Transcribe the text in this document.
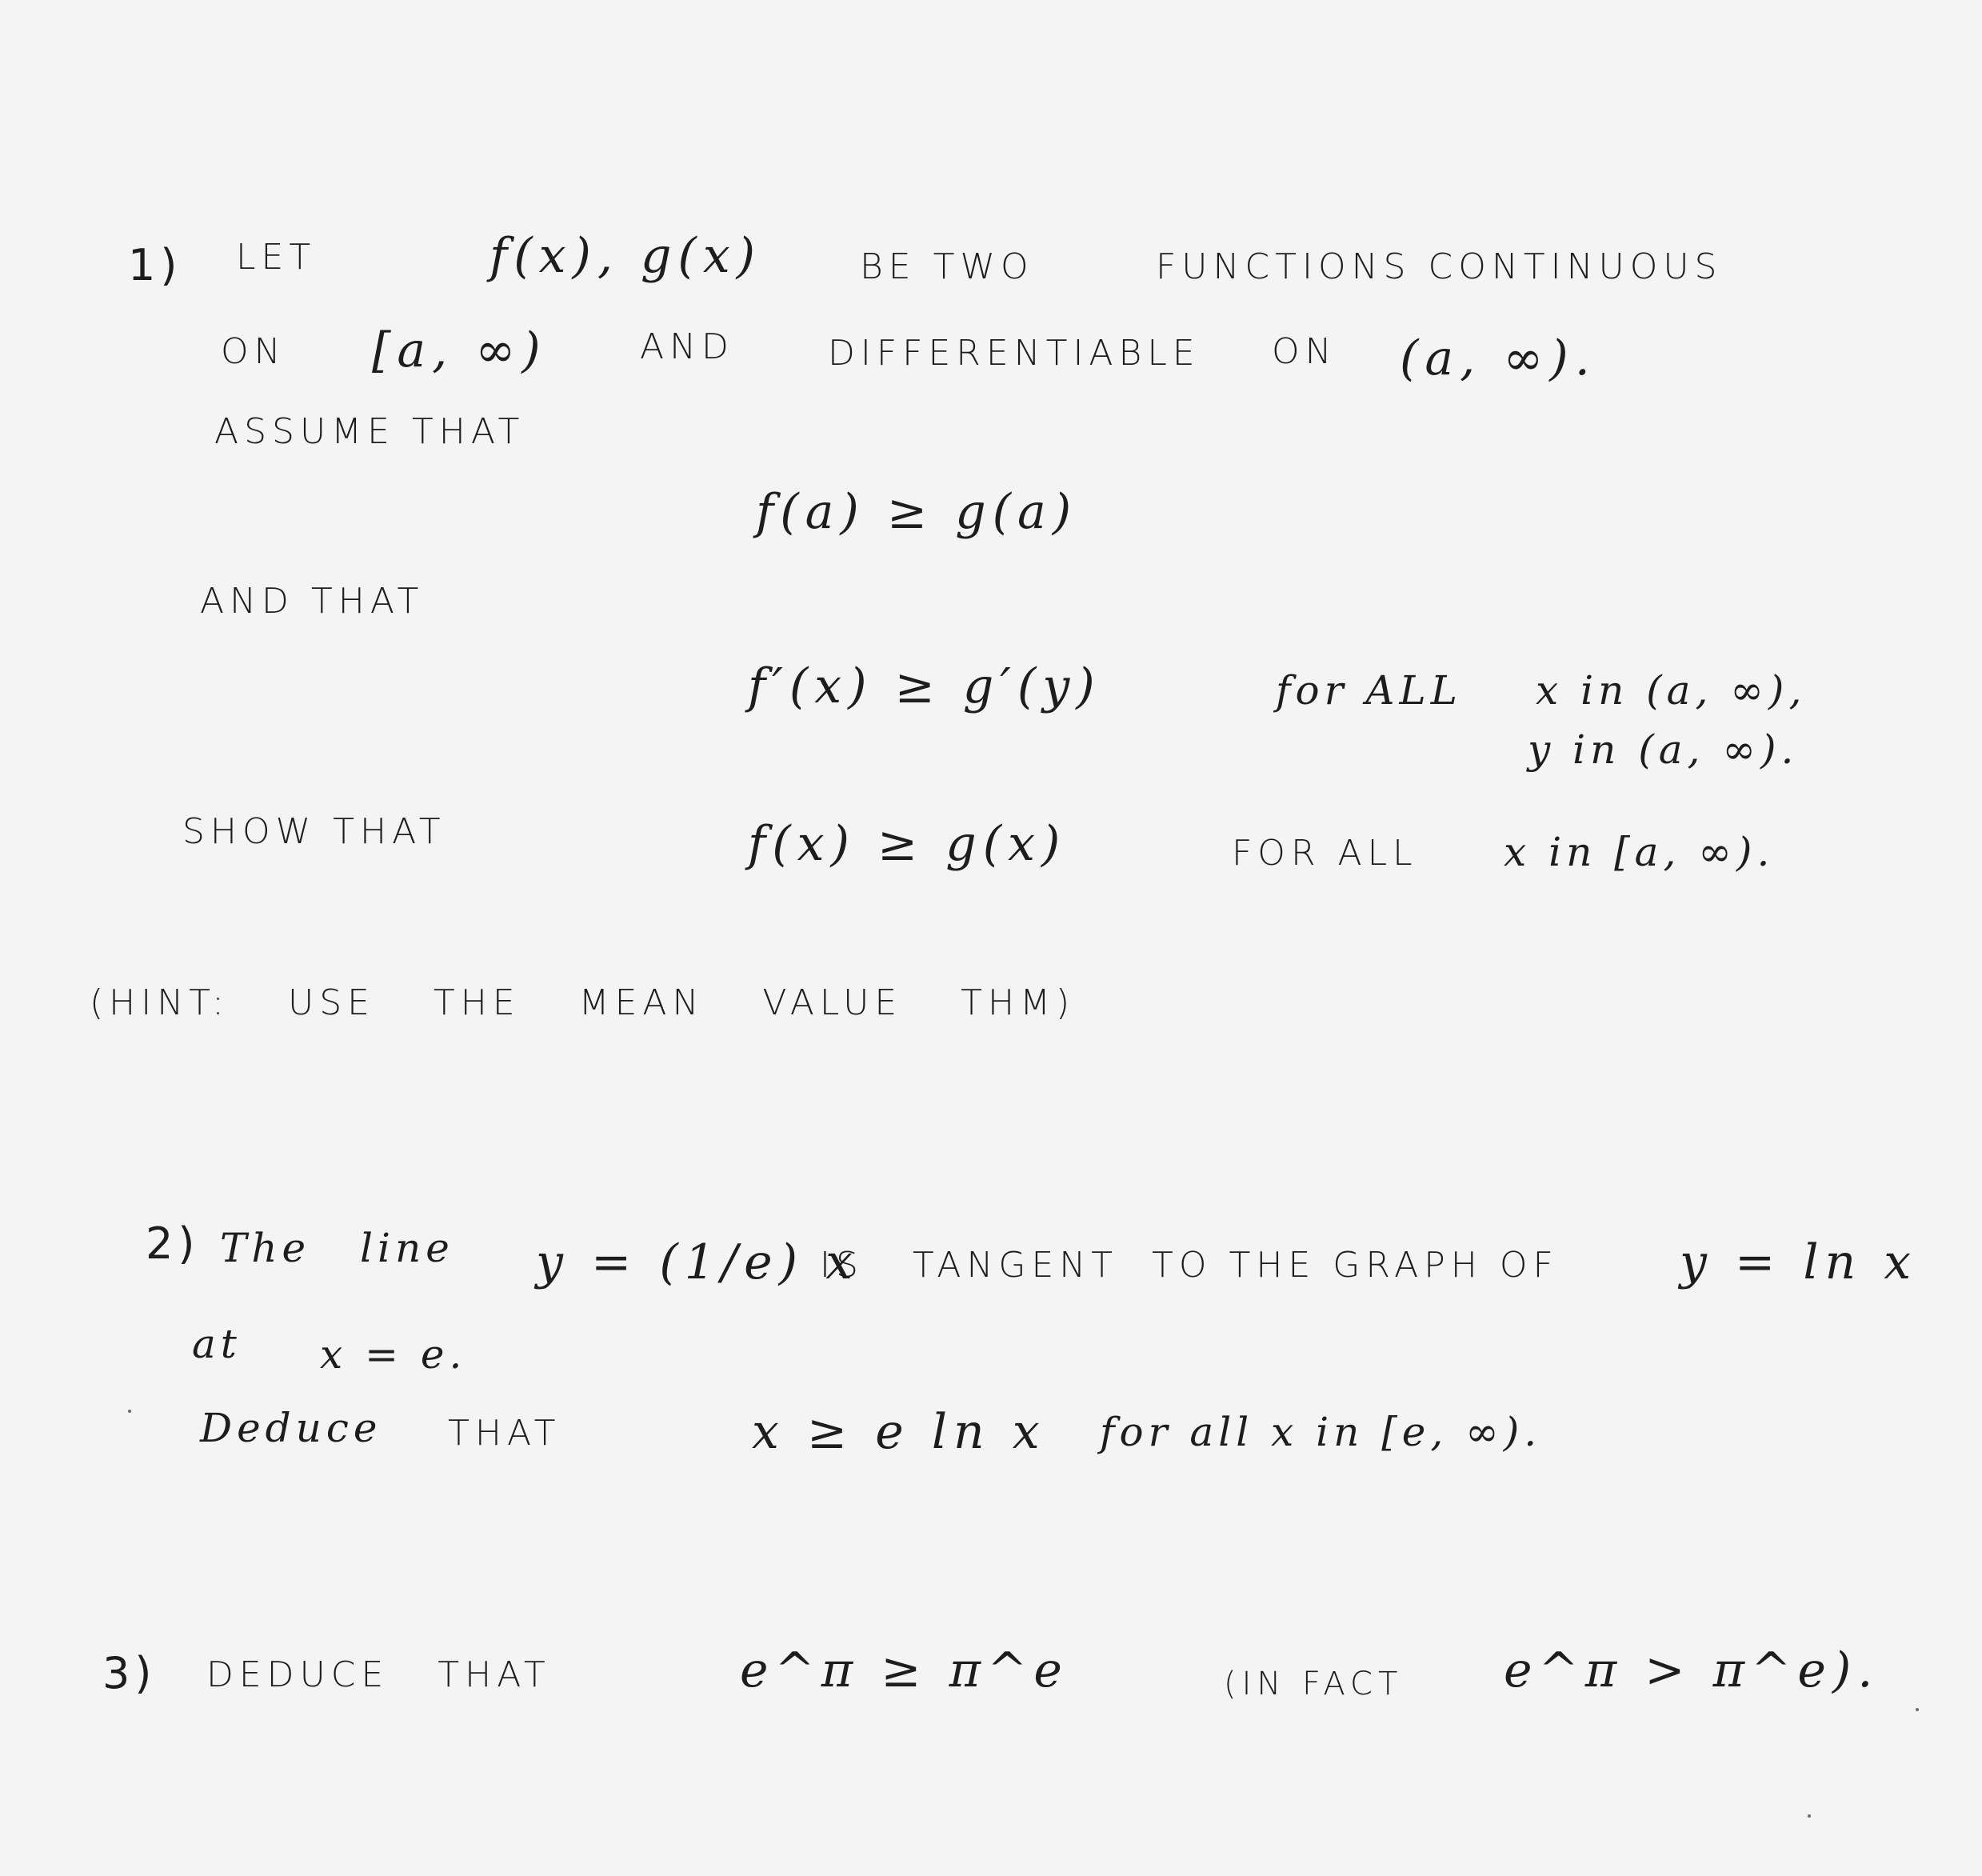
1) LET	f(x), g(x)	BE TWO	FUNCTIONS CONTINUOUS
ON [a, ∞)	AND	DIFFERENTIABLE ON (a, ∞).
ASSUME THAT
f(a) ≥ g(a)
AND THAT
f′(x) ≥ g′(y)	for ALL x in (a, ∞),
y in (a, ∞).
SHOW THAT	f(x) ≥ g(x)	FOR ALL x in [a, ∞).
(HINT: USE THE MEAN VALUE THM)
2) The line y = (1/e) x
IS TANGENT TO THE GRAPH OF	y = ln x
at x = e.
Deduce THAT	x ≥ e ln x for all x in [e, ∞).
3) DEDUCE THAT	e^π ≥ π^e	(IN FACT e^π > π^e).
